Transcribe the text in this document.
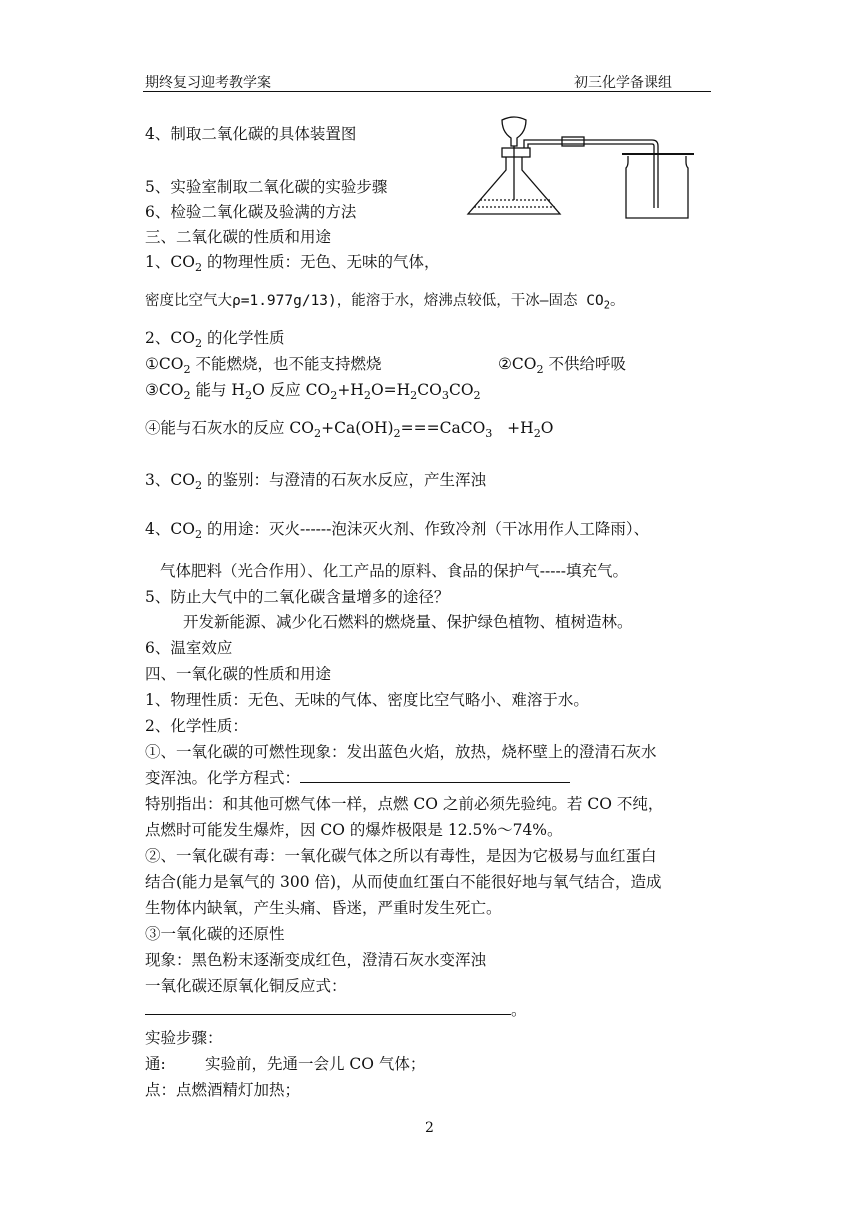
期终复习迎考教学案	初三化学备课组
4、制取二氧化碳的具体装置图
5、实验室制取二氧化碳的实验步骤
6、检验二氧化碳及验满的方法
三、二氧化碳的性质和用途
1、$CO_2$ 的物理性质：无色、无味的气体，
密度比空气大ρ=1.977g/13)，能溶于水，熔沸点较低，干冰—固态 $CO_2$。
2、$CO_2$ 的化学性质
$①CO_2$ 不能燃烧，也不能支持燃烧	$②CO_2$ 不供给呼吸
$③CO_2$ 能与 $H_2O$ 反应 $CO_2+H_2O=H_2CO_3CO_2$
④能与石灰水的反应 $CO_2+Ca(OH)_2===CaCO_3 +H_2O$
3、$CO_2$ 的鉴别：与澄清的石灰水反应，产生浑浊
4、$CO_2$ 的用途：灭火------泡沫灭火剂、作致冷剂（干冰用作人工降雨）、
气体肥料（光合作用）、化工产品的原料、食品的保护气-----填充气。
5、防止大气中的二氧化碳含量增多的途径？
开发新能源、减少化石燃料的燃烧量、保护绿色植物、植树造林。
6、温室效应
四、一氧化碳的性质和用途
1、物理性质：无色、无味的气体、密度比空气略小、难溶于水。
2、化学性质：
①、一氧化碳的可燃性现象：发出蓝色火焰，放热，烧杯壁上的澄清石灰水
变浑浊。化学方程式：
特别指出：和其他可燃气体一样，点燃 CO 之前必须先验纯。若 CO 不纯，
点燃时可能发生爆炸，因 CO 的爆炸极限是 12.5%～74%。
②、一氧化碳有毒：一氧化碳气体之所以有毒性，是因为它极易与血红蛋白
结合(能力是氧气的 300 倍)，从而使血红蛋白不能很好地与氧气结合，造成
生物体内缺氧，产生头痛、昏迷，严重时发生死亡。
③一氧化碳的还原性
现象：黑色粉末逐渐变成红色，澄清石灰水变浑浊
一氧化碳还原氧化铜反应式：
。
实验步骤：
通:	实验前，先通一会儿 CO 气体；
点：点燃酒精灯加热；
2
